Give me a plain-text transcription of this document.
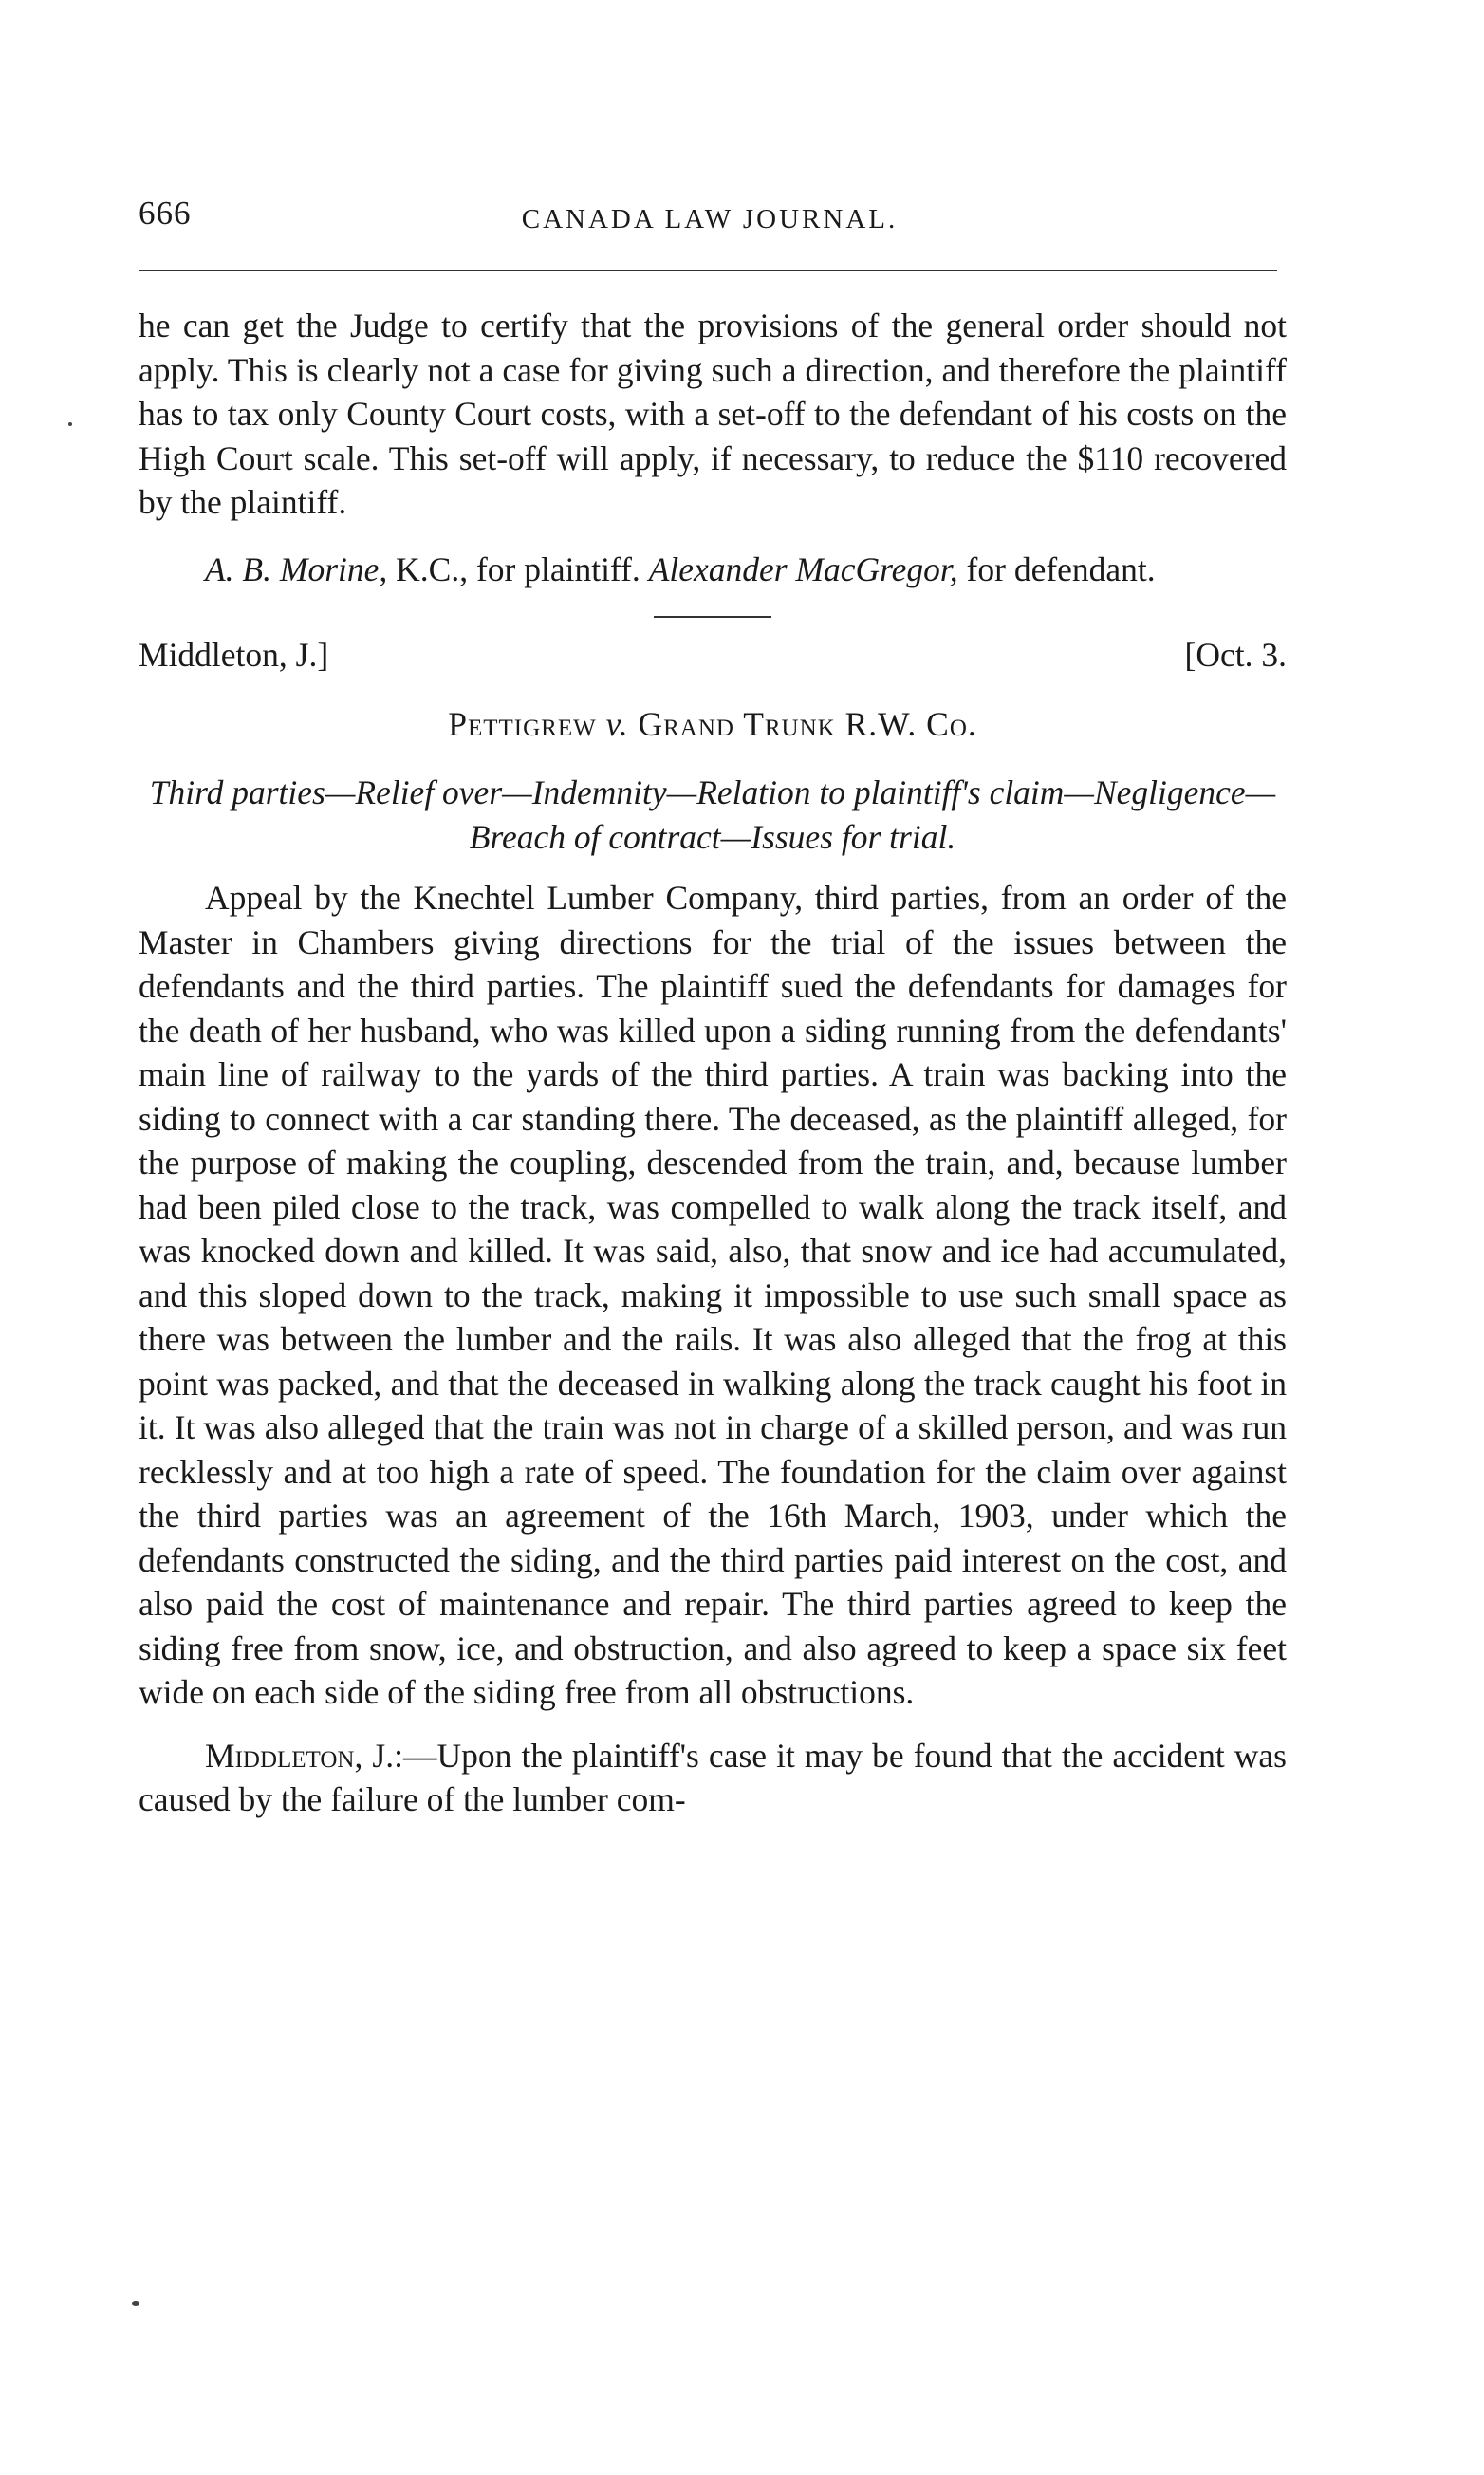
666	CANADA LAW JOURNAL.

he can get the Judge to certify that the provisions of the general order should not apply. This is clearly not a case for giving such a direction, and therefore the plaintiff has to tax only County Court costs, with a set-off to the defendant of his costs on the High Court scale. This set-off will apply, if necessary, to reduce the $110 recovered by the plaintiff.

A. B. Morine, K.C., for plaintiff. Alexander MacGregor, for defendant.

Middleton, J.]	[Oct. 3.
Pettigrew v. Grand Trunk R.W. Co.
Third parties—Relief over—Indemnity—Relation to plaintiff's claim—Negligence—Breach of contract—Issues for trial.

Appeal by the Knechtel Lumber Company, third parties, from an order of the Master in Chambers giving directions for the trial of the issues between the defendants and the third parties. The plaintiff sued the defendants for damages for the death of her husband, who was killed upon a siding running from the defendants' main line of railway to the yards of the third parties. A train was backing into the siding to connect with a car standing there. The deceased, as the plaintiff alleged, for the purpose of making the coupling, descended from the train, and, because lumber had been piled close to the track, was compelled to walk along the track itself, and was knocked down and killed. It was said, also, that snow and ice had accumulated, and this sloped down to the track, making it impossible to use such small space as there was between the lumber and the rails. It was also alleged that the frog at this point was packed, and that the deceased in walking along the track caught his foot in it. It was also alleged that the train was not in charge of a skilled person, and was run recklessly and at too high a rate of speed. The foundation for the claim over against the third parties was an agreement of the 16th March, 1903, under which the defendants constructed the siding, and the third parties paid interest on the cost, and also paid the cost of maintenance and repair. The third parties agreed to keep the siding free from snow, ice, and obstruction, and also agreed to keep a space six feet wide on each side of the siding free from all obstructions.

Middleton, J.:—Upon the plaintiff's case it may be found that the accident was caused by the failure of the lumber com-
